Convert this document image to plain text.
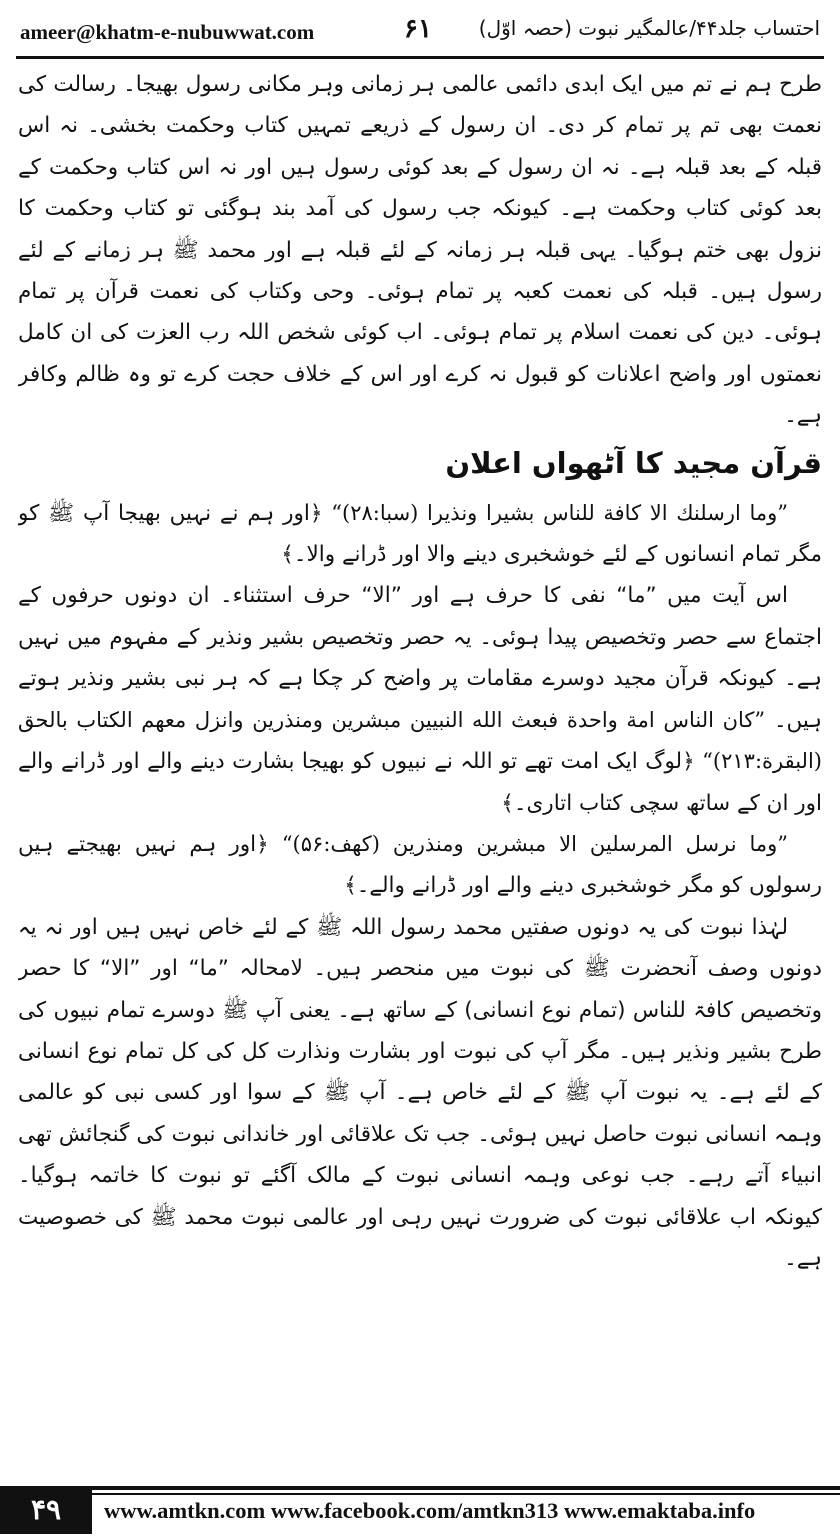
ameer@khatm-e-nubuwwat.com	۶۱ احتساب جلد۴۴/عالمگیر نبوت (حصہ اوّل)

طرح ہم نے تم میں ایک ابدی دائمی عالمی ہر زمانی وہر مکانی رسول بھیجا۔ رسالت کی نعمت بھی تم پر تمام کر دی۔ ان رسول کے ذریعے تمہیں کتاب وحکمت بخشی۔ نہ اس قبلہ کے بعد قبلہ ہے۔ نہ ان رسول کے بعد کوئی رسول ہیں اور نہ اس کتاب وحکمت کے بعد کوئی کتاب وحکمت ہے۔ کیونکہ جب رسول کی آمد بند ہوگئی تو کتاب وحکمت کا نزول بھی ختم ہوگیا۔ یہی قبلہ ہر زمانہ کے لئے قبلہ ہے اور محمد ﷺ ہر زمانے کے لئے رسول ہیں۔ قبلہ کی نعمت کعبہ پر تمام ہوئی۔ وحی وکتاب کی نعمت قرآن پر تمام ہوئی۔ دین کی نعمت اسلام پر تمام ہوئی۔ اب کوئی شخص اللہ رب العزت کی ان کامل نعمتوں اور واضح اعلانات کو قبول نہ کرے اور اس کے خلاف حجت کرے تو وہ ظالم وکافر ہے۔

قرآن مجید کا آٹھواں اعلان

”وما ارسلنك الا كافة للناس بشيرا ونذيرا (سبا:۲۸)“ ﴿اور ہم نے نہیں بھیجا آپ ﷺ کو مگر تمام انسانوں کے لئے خوشخبری دینے والا اور ڈرانے والا۔﴾

اس آیت میں ”ما“ نفی کا حرف ہے اور ”الا“ حرف استثناء۔ ان دونوں حرفوں کے اجتماع سے حصر وتخصیص پیدا ہوئی۔ یہ حصر وتخصیص بشیر ونذیر کے مفہوم میں نہیں ہے۔ کیونکہ قرآن مجید دوسرے مقامات پر واضح کر چکا ہے کہ ہر نبی بشیر ونذیر ہوتے ہیں۔ ”كان الناس امة واحدة فبعث الله النبيين مبشرين ومنذرين وانزل معهم الكتاب بالحق (البقرة:۲۱۳)“ ﴿لوگ ایک امت تھے تو اللہ نے نبیوں کو بھیجا بشارت دینے والے اور ڈرانے والے اور ان کے ساتھ سچی کتاب اتاری۔﴾

”وما نرسل المرسلين الا مبشرين ومنذرين (كهف:۵۶)“ ﴿اور ہم نہیں بھیجتے ہیں رسولوں کو مگر خوشخبری دینے والے اور ڈرانے والے۔﴾

لہٰذا نبوت کی یہ دونوں صفتیں محمد رسول اللہ ﷺ کے لئے خاص نہیں ہیں اور نہ یہ دونوں وصف آنحضرت ﷺ کی نبوت میں منحصر ہیں۔ لامحالہ ”ما“ اور ”الا“ کا حصر وتخصیص کافۃ للناس (تمام نوع انسانی) کے ساتھ ہے۔ یعنی آپ ﷺ دوسرے تمام نبیوں کی طرح بشیر ونذیر ہیں۔ مگر آپ کی نبوت اور بشارت ونذارت کل کی کل تمام نوع انسانی کے لئے ہے۔ یہ نبوت آپ ﷺ کے لئے خاص ہے۔ آپ ﷺ کے سوا اور کسی نبی کو عالمی وہمہ انسانی نبوت حاصل نہیں ہوئی۔ جب تک علاقائی اور خاندانی نبوت کی گنجائش تھی انبیاء آتے رہے۔ جب نوعی وہمہ انسانی نبوت کے مالک آگئے تو نبوت کا خاتمہ ہوگیا۔ کیونکہ اب علاقائی نبوت کی ضرورت نہیں رہی اور عالمی نبوت محمد ﷺ کی خصوصیت ہے۔

۴۹	www.amtkn.com www.facebook.com/amtkn313 www.emaktaba.info
